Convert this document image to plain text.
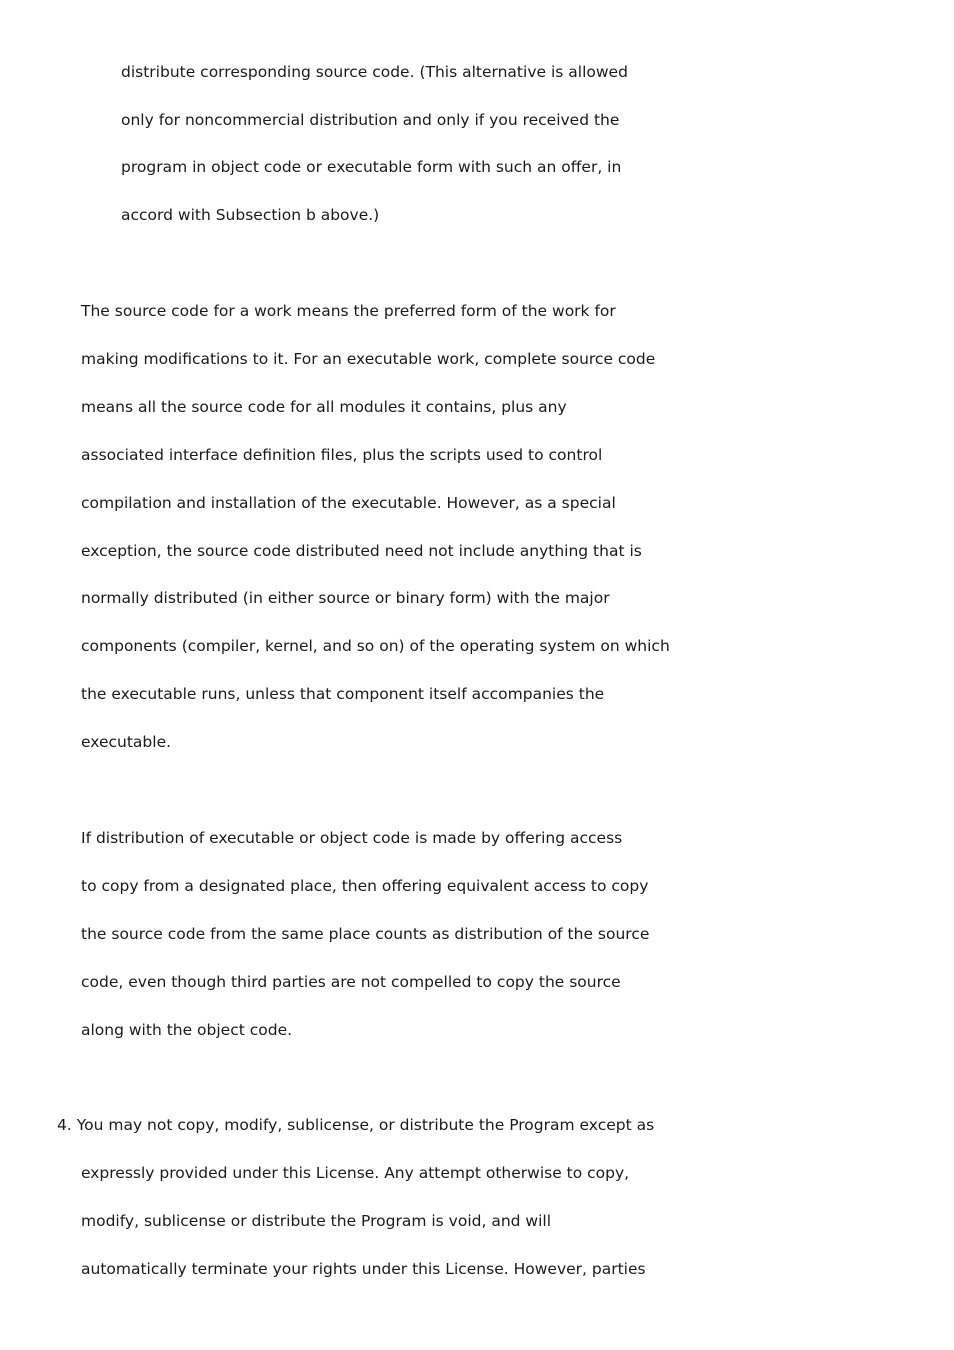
distribute corresponding source code. (This alternative is allowed
only for noncommercial distribution and only if you received the
program in object code or executable form with such an offer, in
accord with Subsection b above.)
The source code for a work means the preferred form of the work for
making modifications to it. For an executable work, complete source code
means all the source code for all modules it contains, plus any
associated interface definition files, plus the scripts used to control
compilation and installation of the executable. However, as a special
exception, the source code distributed need not include anything that is
normally distributed (in either source or binary form) with the major
components (compiler, kernel, and so on) of the operating system on which
the executable runs, unless that component itself accompanies the
executable.
If distribution of executable or object code is made by offering access
to copy from a designated place, then offering equivalent access to copy
the source code from the same place counts as distribution of the source
code, even though third parties are not compelled to copy the source
along with the object code.
4. You may not copy, modify, sublicense, or distribute the Program except as
expressly provided under this License. Any attempt otherwise to copy,
modify, sublicense or distribute the Program is void, and will
automatically terminate your rights under this License. However, parties
